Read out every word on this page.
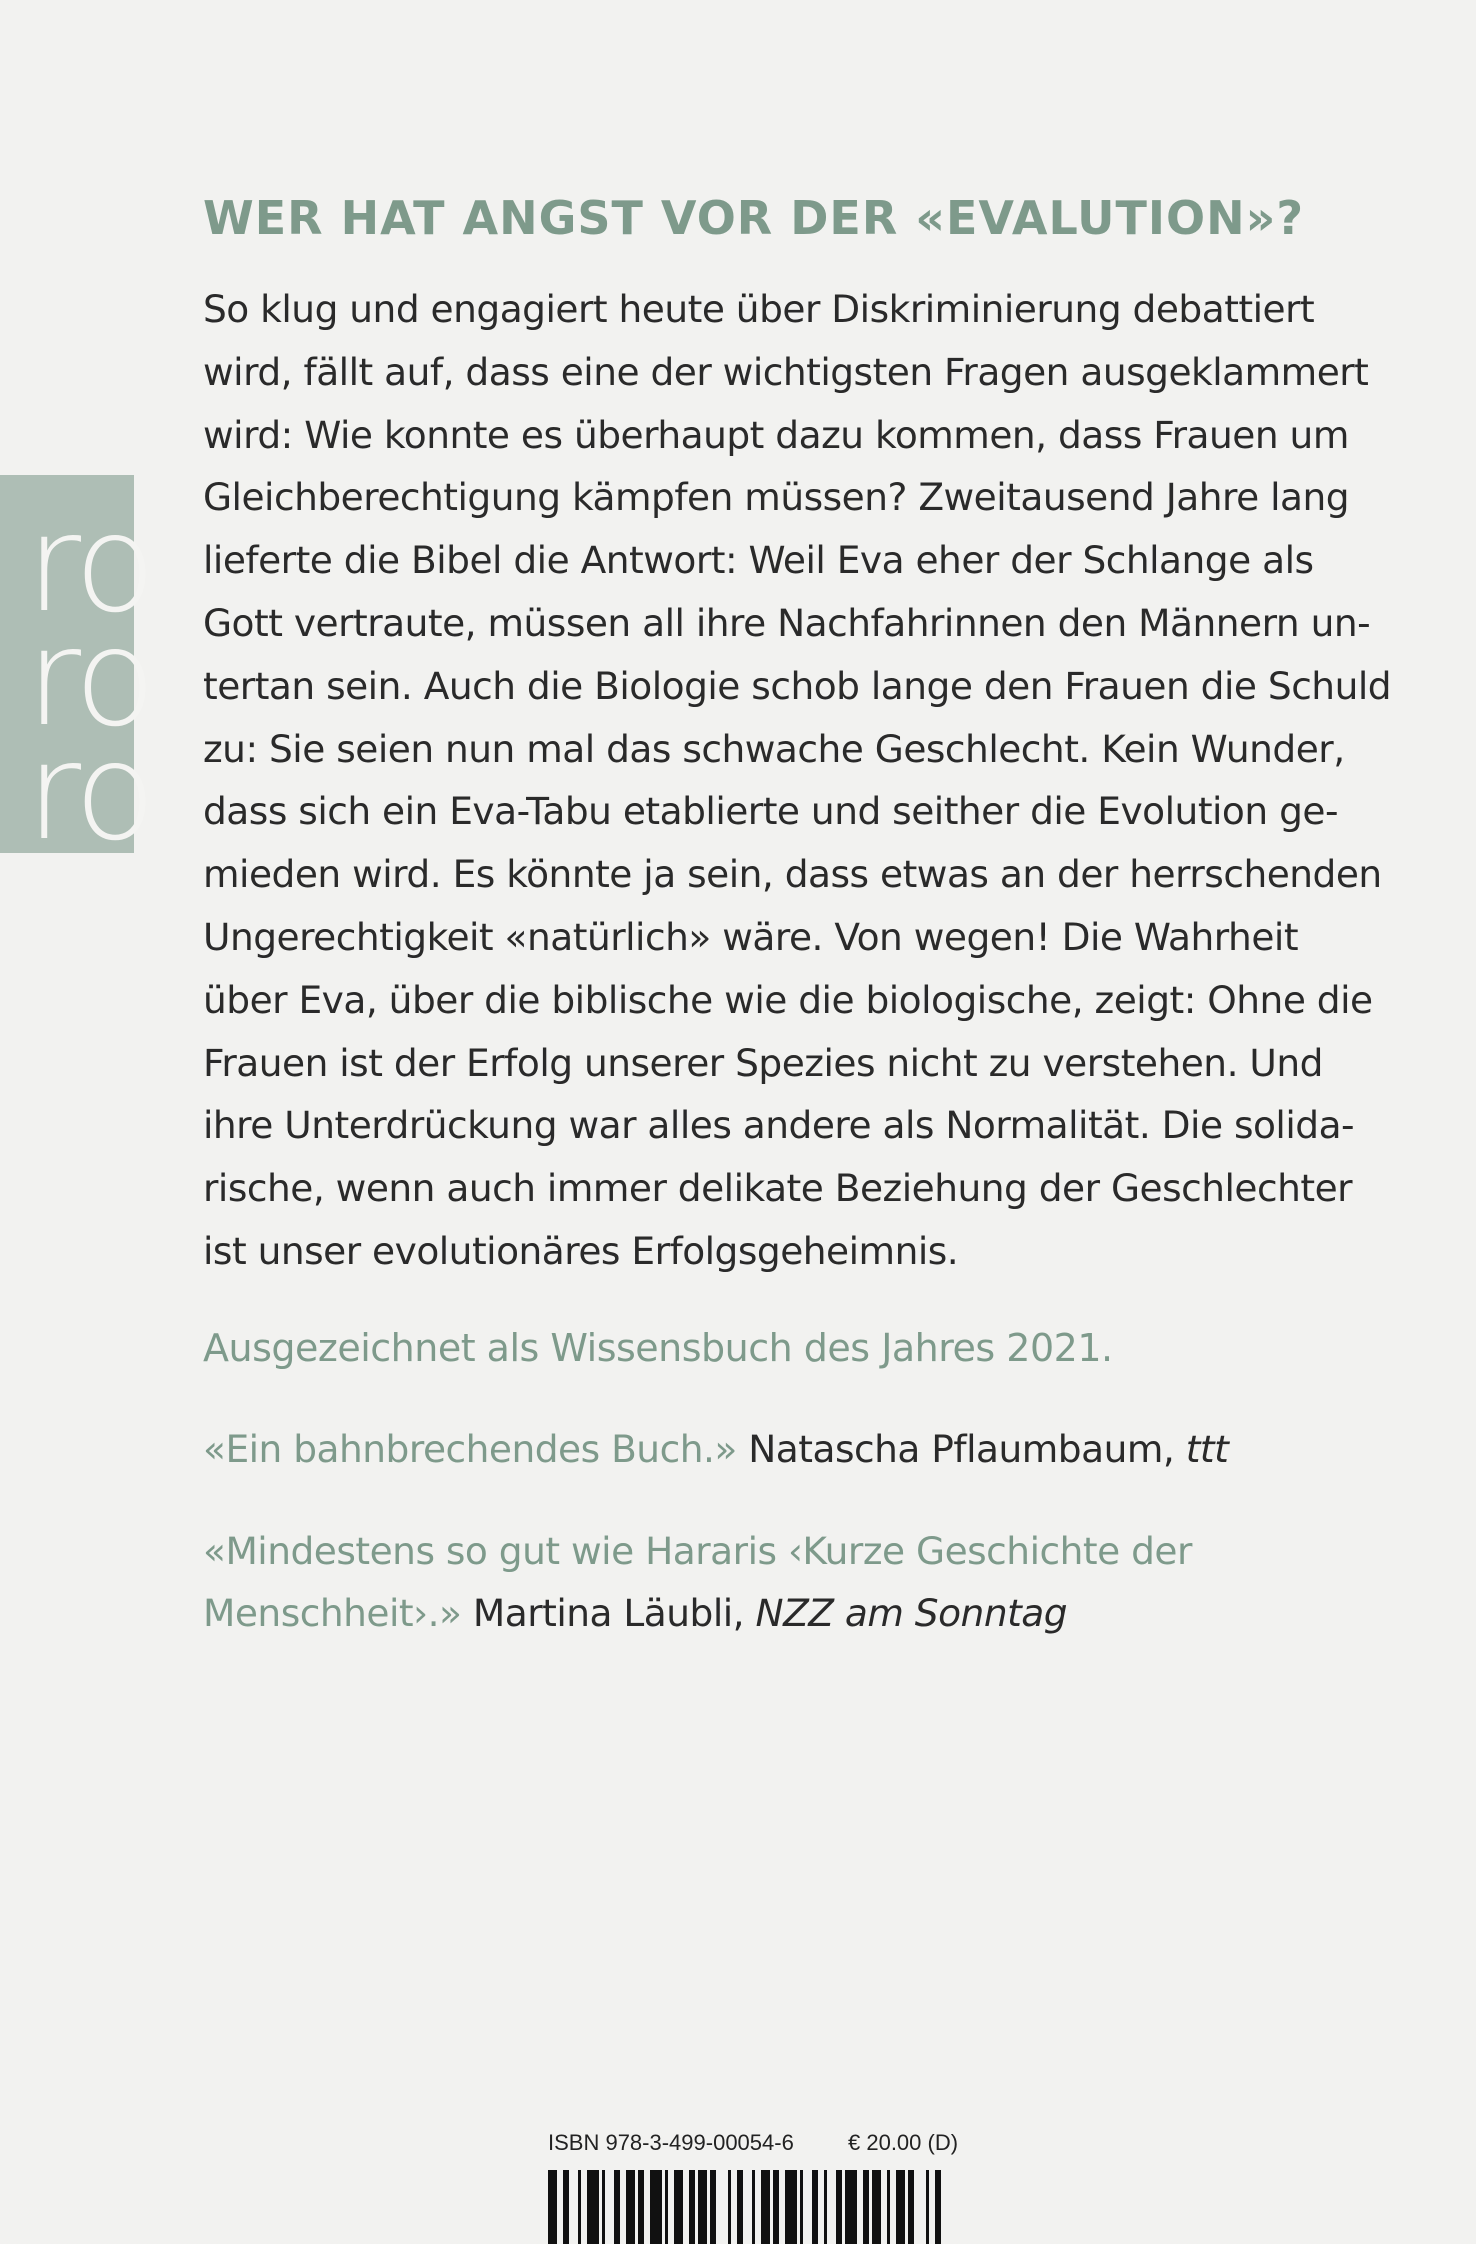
ro
ro
ro
WER HAT ANGST VOR DER «EVALUTION»?

So klug und engagiert heute über Diskriminierung debattiert
wird, fällt auf, dass eine der wichtigsten Fragen ausgeklammert
wird: Wie konnte es überhaupt dazu kommen, dass Frauen um
Gleichberechtigung kämpfen müssen? Zweitausend Jahre lang
lieferte die Bibel die Antwort: Weil Eva eher der Schlange als
Gott vertraute, müssen all ihre Nachfahrinnen den Männern un-
tertan sein. Auch die Biologie schob lange den Frauen die Schuld
zu: Sie seien nun mal das schwache Geschlecht. Kein Wunder,
dass sich ein Eva-Tabu etablierte und seither die Evolution ge-
mieden wird. Es könnte ja sein, dass etwas an der herrschenden
Ungerechtigkeit «natürlich» wäre. Von wegen! Die Wahrheit
über Eva, über die biblische wie die biologische, zeigt: Ohne die
Frauen ist der Erfolg unserer Spezies nicht zu verstehen. Und
ihre Unterdrückung war alles andere als Normalität. Die solida-
rische, wenn auch immer delikate Beziehung der Geschlechter
ist unser evolutionäres Erfolgsgeheimnis.

Ausgezeichnet als Wissensbuch des Jahres 2021.

«Ein bahnbrechendes Buch.» Natascha Pflaumbaum, ttt

«Mindestens so gut wie Hararis ‹Kurze Geschichte der
Menschheit›.» Martina Läubli, NZZ am Sonntag

ISBN 978-3-499-00054-6 € 20.00 (D)
